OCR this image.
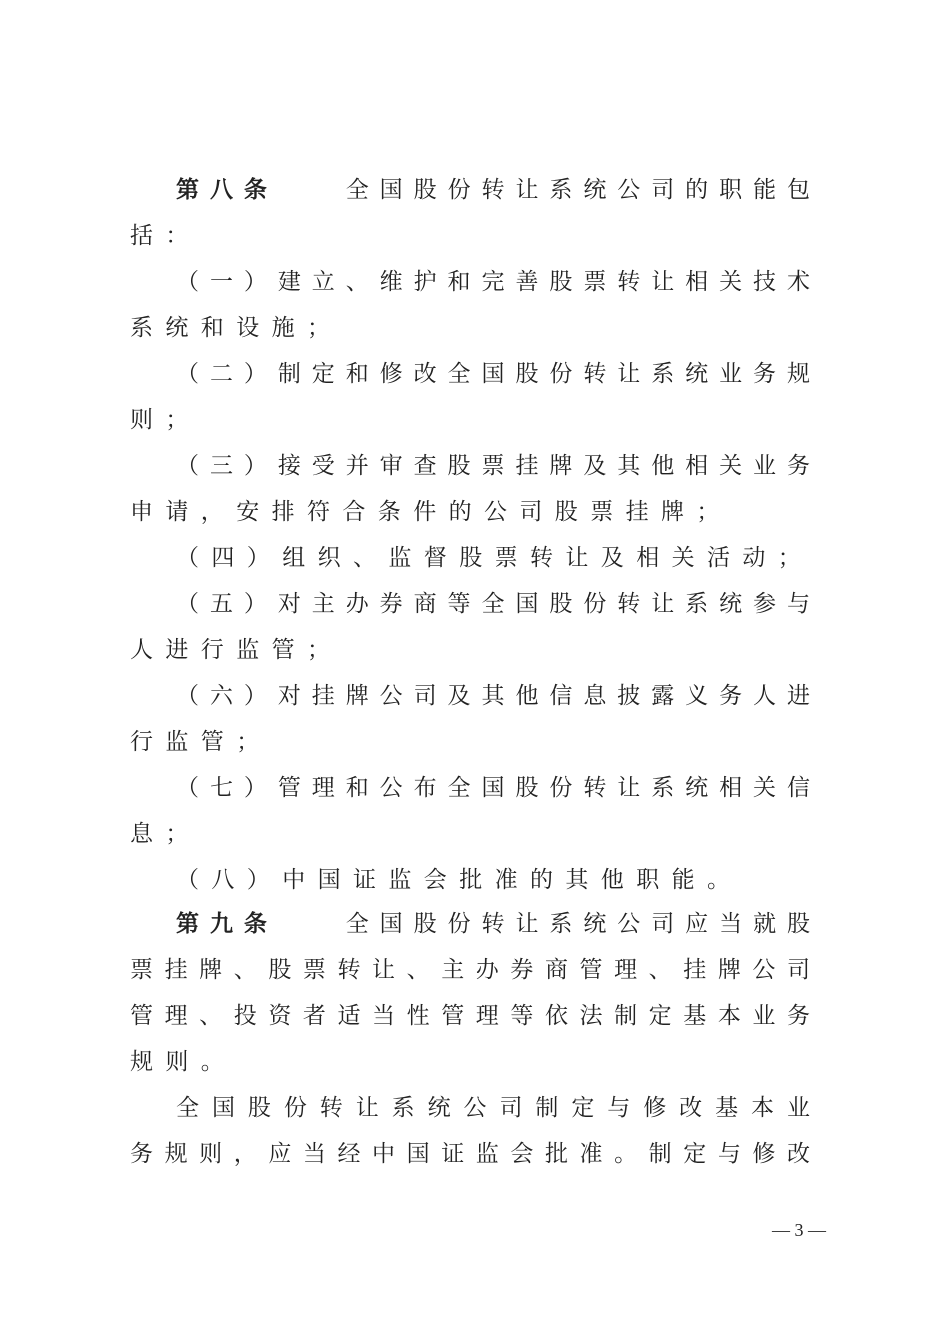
第八条　　	全国股份转让系统公司的职能包
括：
（一）建立、维护和完善股票转让相关技术
系统和设施；
（二）制定和修改全国股份转让系统业务规
则；
（三）接受并审查股票挂牌及其他相关业务
申请，安排符合条件的公司股票挂牌；
（四）组织、监督股票转让及相关活动；
（五）对主办券商等全国股份转让系统参与
人进行监管；
（六）对挂牌公司及其他信息披露义务人进
行监管；
（七）管理和公布全国股份转让系统相关信
息；
（八）中国证监会批准的其他职能。
第九条　　	全国股份转让系统公司应当就股
票挂牌、股票转让、主办券商管理、挂牌公司
管理、投资者适当性管理等依法制定基本业务
规则。
全国股份转让系统公司制定与修改基本业
务规则，应当经中国证监会批准。制定与修改
— 3 —
